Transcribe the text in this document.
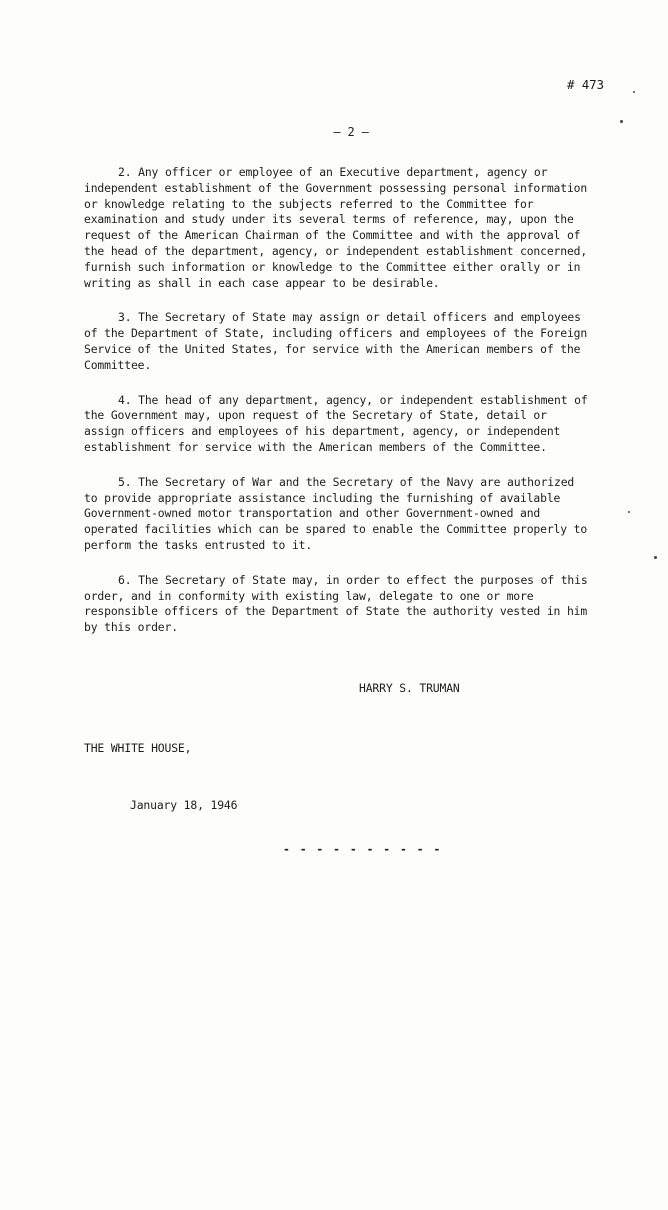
# 473
– 2 –

2. Any officer or employee of an Executive department, agency or independent establishment of the Government possessing personal information or knowledge relating to the subjects referred to the Committee for examination and study under its several terms of reference, may, upon the request of the American Chairman of the Committee and with the approval of the head of the department, agency, or independent establishment concerned, furnish such information or knowledge to the Committee either orally or in writing as shall in each case appear to be desirable.

3. The Secretary of State may assign or detail officers and employees of the Department of State, including officers and employees of the Foreign Service of the United States, for service with the American members of the Committee.

4. The head of any department, agency, or independent establishment of the Government may, upon request of the Secretary of State, detail or assign officers and employees of his department, agency, or independent establishment for service with the American members of the Committee.

5. The Secretary of War and the Secretary of the Navy are authorized to provide appropriate assistance including the furnishing of available Government-owned motor transportation and other Government-owned and operated facilities which can be spared to enable the Committee properly to perform the tasks entrusted to it.

6. The Secretary of State may, in order to effect the purposes of this order, and in conformity with existing law, delegate to one or more responsible officers of the Department of State the authority vested in him by this order.

HARRY S. TRUMAN
THE WHITE HOUSE,
January 18, 1946
- - - - - - - - - -
